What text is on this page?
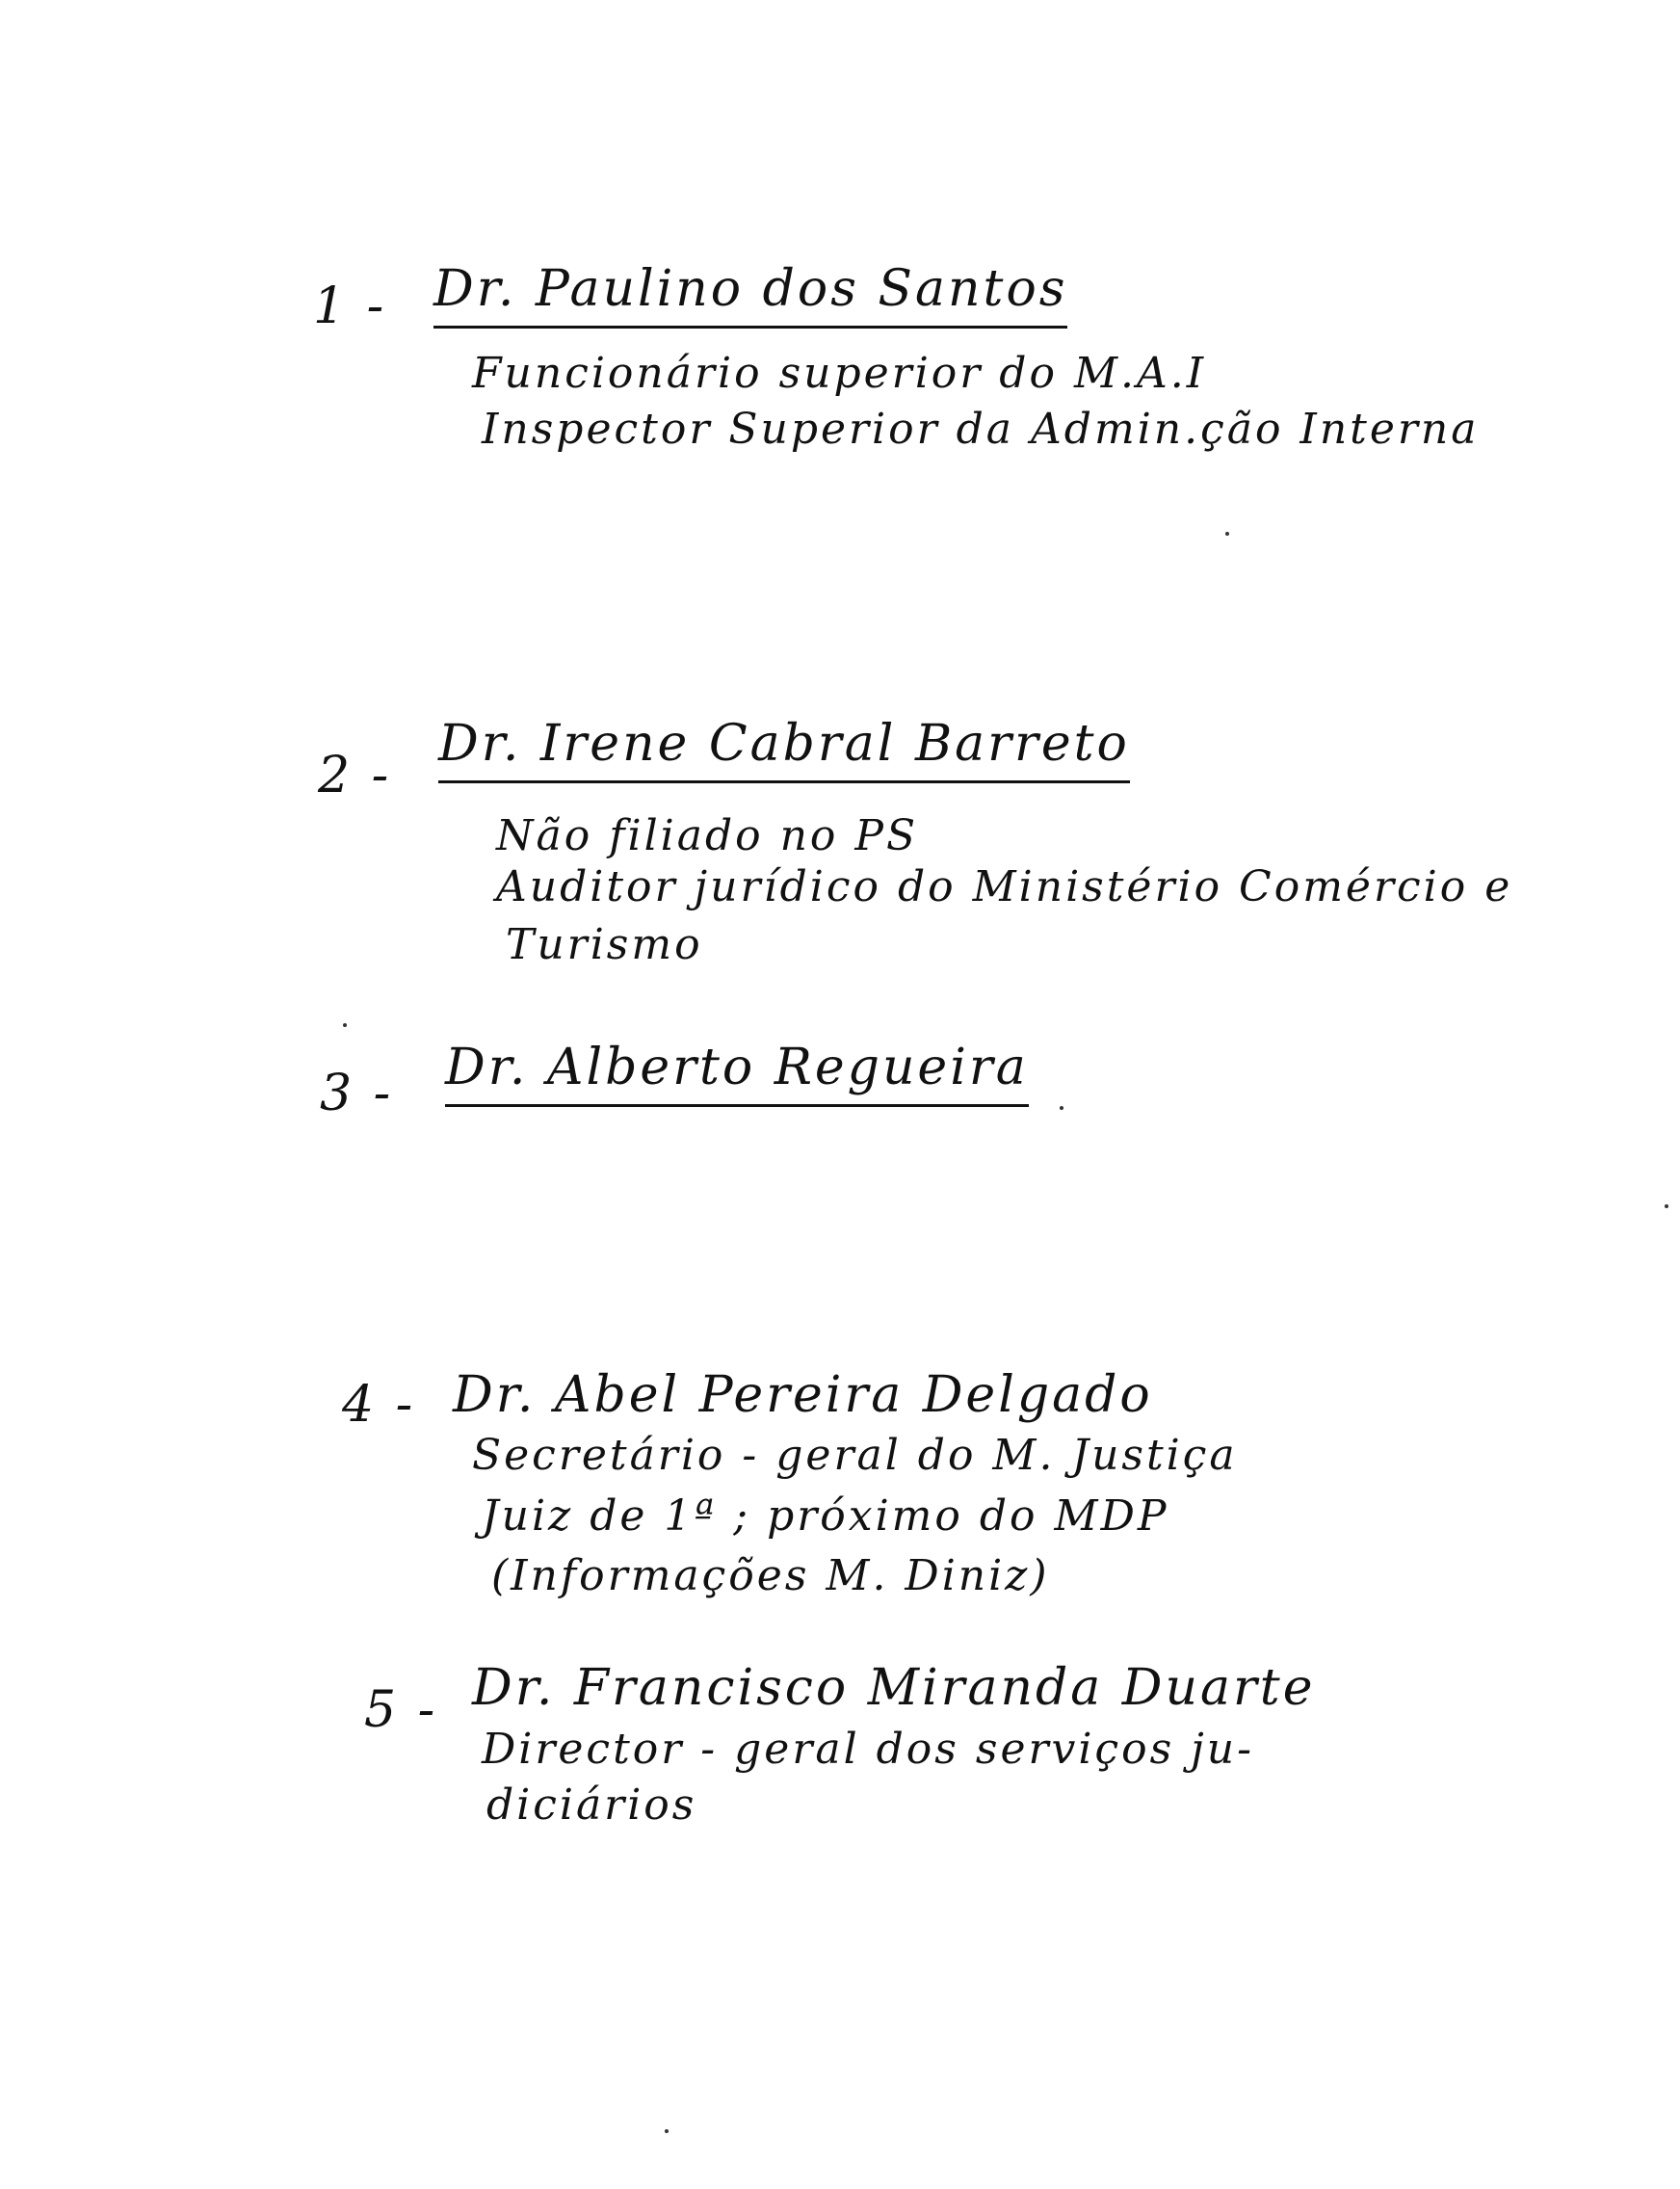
1 - Dr. Paulino dos Santos
Funcionário superior do M.A.I
Inspector Superior da Admin.ção Interna
2 -
Dr. Irene Cabral Barreto
Não filiado no PS
Auditor jurídico do Ministério Comércio e
Turismo
3 - Dr. Alberto Regueira
4 - Dr. Abel Pereira Delgado
Secretário - geral do M. Justiça
Juiz de 1ª ; próximo do MDP
(Informações M. Diniz)
5 - Dr. Francisco Miranda Duarte
Director - geral dos serviços ju-
diciários
